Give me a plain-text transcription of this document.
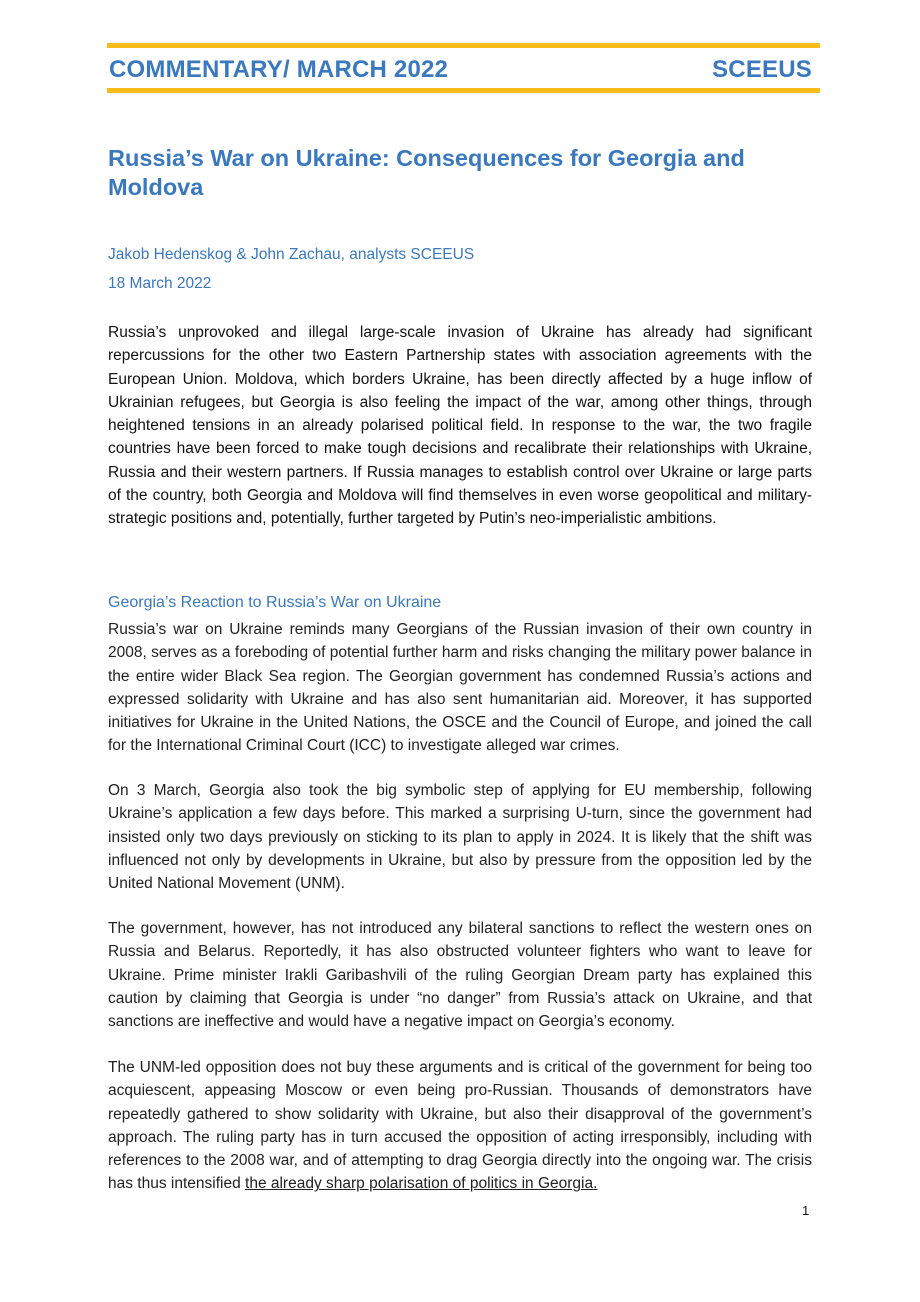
COMMENTARY/ MARCH 2022	SCEEUS
Russia’s War on Ukraine: Consequences for Georgia and Moldova
Jakob Hedenskog & John Zachau, analysts SCEEUS
18 March 2022

Russia’s unprovoked and illegal large-scale invasion of Ukraine has already had significant repercussions for the other two Eastern Partnership states with association agreements with the European Union. Moldova, which borders Ukraine, has been directly affected by a huge inflow of Ukrainian refugees, but Georgia is also feeling the impact of the war, among other things, through heightened tensions in an already polarised political field. In response to the war, the two fragile countries have been forced to make tough decisions and recalibrate their relationships with Ukraine, Russia and their western partners. If Russia manages to establish control over Ukraine or large parts of the country, both Georgia and Moldova will find themselves in even worse geopolitical and military-strategic positions and, potentially, further targeted by Putin’s neo-imperialistic ambitions.

Georgia’s Reaction to Russia’s War on Ukraine

Russia’s war on Ukraine reminds many Georgians of the Russian invasion of their own country in 2008, serves as a foreboding of potential further harm and risks changing the military power balance in the entire wider Black Sea region. The Georgian government has condemned Russia’s actions and expressed solidarity with Ukraine and has also sent humanitarian aid. Moreover, it has supported initiatives for Ukraine in the United Nations, the OSCE and the Council of Europe, and joined the call for the International Criminal Court (ICC) to investigate alleged war crimes.

On 3 March, Georgia also took the big symbolic step of applying for EU membership, following Ukraine’s application a few days before. This marked a surprising U-turn, since the government had insisted only two days previously on sticking to its plan to apply in 2024. It is likely that the shift was influenced not only by developments in Ukraine, but also by pressure from the opposition led by the United National Movement (UNM).

The government, however, has not introduced any bilateral sanctions to reflect the western ones on Russia and Belarus. Reportedly, it has also obstructed volunteer fighters who want to leave for Ukraine. Prime minister Irakli Garibashvili of the ruling Georgian Dream party has explained this caution by claiming that Georgia is under “no danger” from Russia’s attack on Ukraine, and that sanctions are ineffective and would have a negative impact on Georgia’s economy.

The UNM-led opposition does not buy these arguments and is critical of the government for being too acquiescent, appeasing Moscow or even being pro-Russian. Thousands of demonstrators have repeatedly gathered to show solidarity with Ukraine, but also their disapproval of the government’s approach. The ruling party has in turn accused the opposition of acting irresponsibly, including with references to the 2008 war, and of attempting to drag Georgia directly into the ongoing war. The crisis has thus intensified the already sharp polarisation of politics in Georgia.

1
